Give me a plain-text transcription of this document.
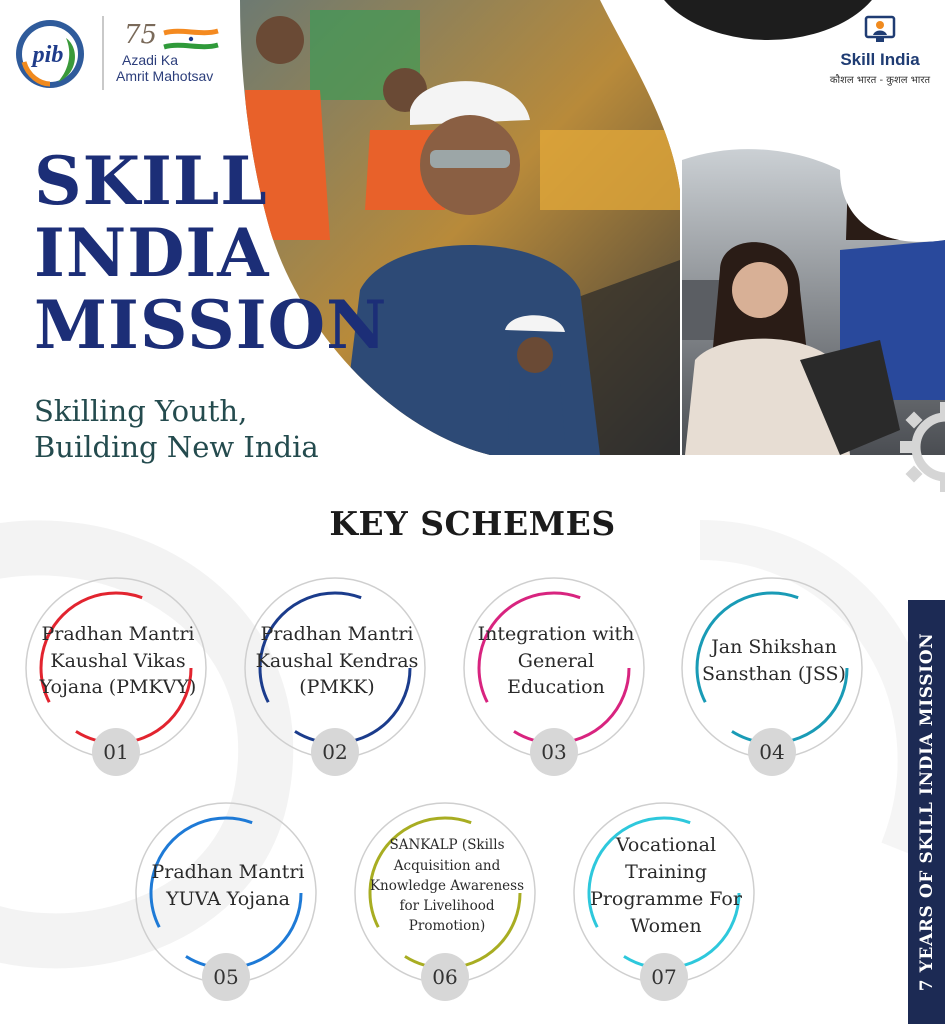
pib
75
Azadi Ka
Amrit Mahotsav
Skill India
कौशल भारत - कुशल भारत
SKILL
INDIA
MISSION
Skilling Youth,
Building New India
KEY SCHEMES
Pradhan Mantri Kaushal Vikas Yojana (PMKVY)
01
Pradhan Mantri Kaushal Kendras (PMKK)
02
Integration with General Education
03
Jan Shikshan Sansthan (JSS)
04
Pradhan Mantri YUVA Yojana
05
SANKALP (Skills Acquisition and Knowledge Awareness for Livelihood Promotion)
06
Vocational Training Programme For Women
07	7 YEARS OF SKILL INDIA MISSION
